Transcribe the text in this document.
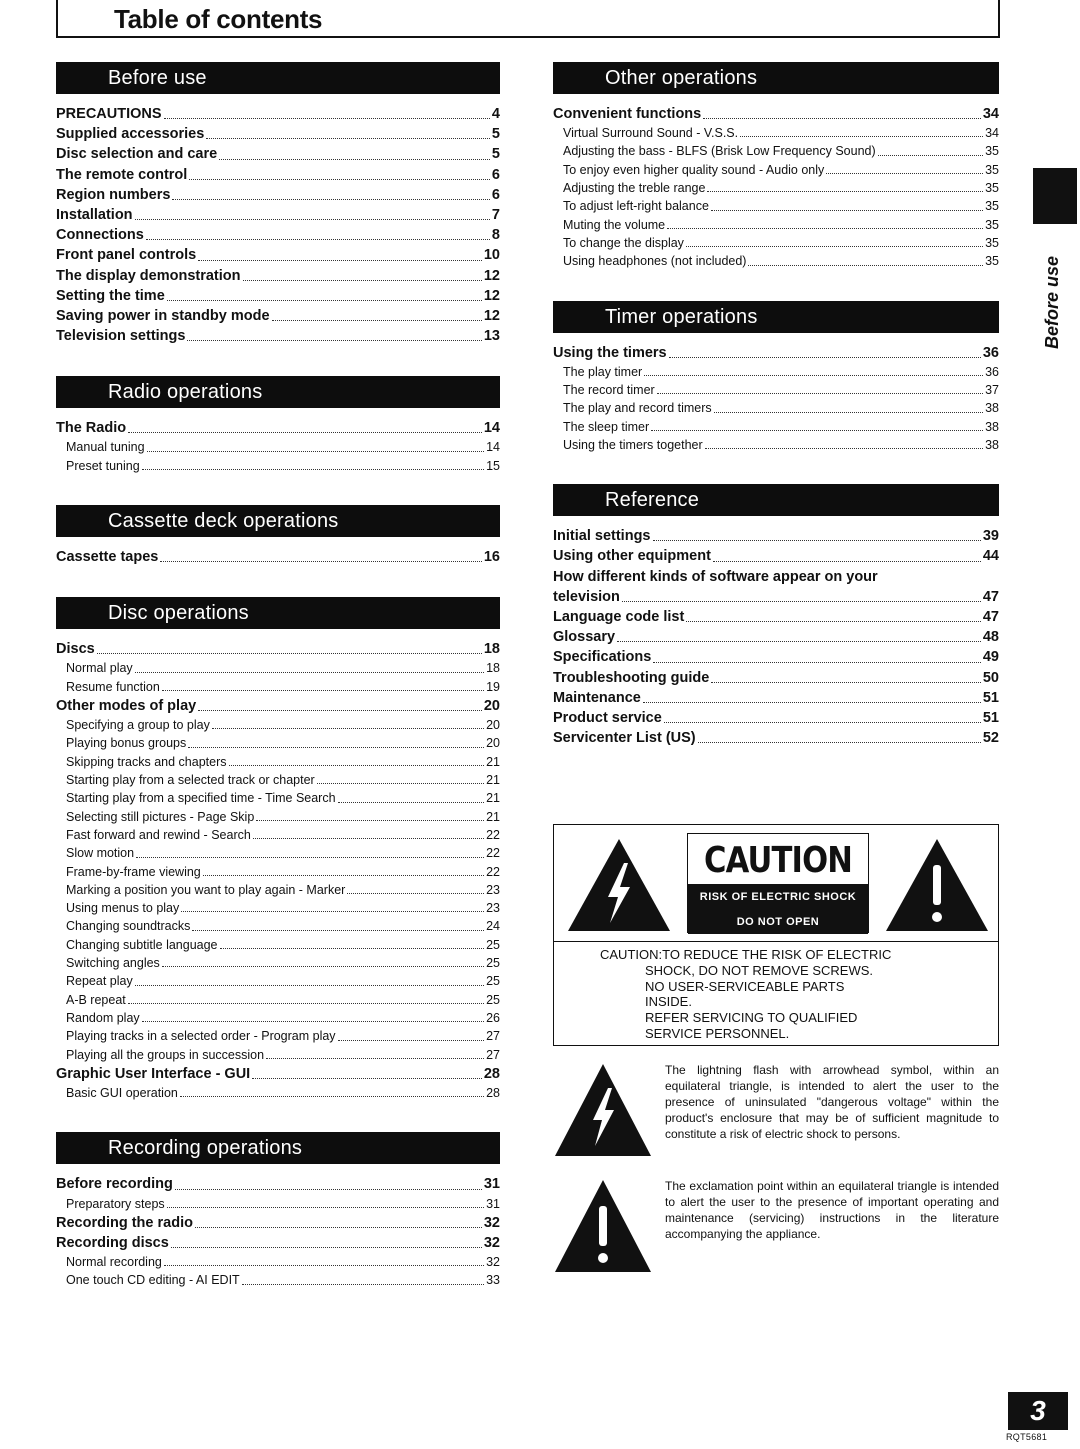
Table of contents
Before use
PRECAUTIONS	4
Supplied accessories	5
Disc selection and care	5
The remote control	6
Region numbers	6
Installation	7
Connections	8
Front panel controls	10
The display demonstration	12
Setting the time	12
Saving power in standby mode	12
Television settings	13
Radio operations
The Radio	14
Manual tuning	14
Preset tuning	15
Cassette deck operations
Cassette tapes	16
Disc operations
Discs	18
Normal play	18
Resume function	19
Other modes of play	20
Specifying a group to play	20
Playing bonus groups	20
Skipping tracks and chapters	21
Starting play from a selected track or chapter	21
Starting play from a specified time - Time Search	21
Selecting still pictures - Page Skip	21
Fast forward and rewind - Search	22
Slow motion	22
Frame-by-frame viewing	22
Marking a position you want to play again - Marker	23
Using menus to play	23
Changing soundtracks	24
Changing subtitle language	25
Switching angles	25
Repeat play	25
A-B repeat	25
Random play	26
Playing tracks in a selected order - Program play	27
Playing all the groups in succession	27
Graphic User Interface - GUI	28
Basic GUI operation	28
Recording operations
Before recording	31
Preparatory steps	31
Recording the radio	32
Recording discs	32
Normal recording	32
One touch CD editing - AI EDIT	33
Other operations
Convenient functions	34
Virtual Surround Sound - V.S.S.	34
Adjusting the bass - BLFS (Brisk Low Frequency Sound)	35
To enjoy even higher quality sound - Audio only	35
Adjusting the treble range	35
To adjust left-right balance	35
Muting the volume	35
To change the display	35
Using headphones (not included)	35
Timer operations
Using the timers	36
The play timer	36
The record timer	37
The play and record timers	38
The sleep timer	38
Using the timers together	38
Reference
Initial settings	39
Using other equipment	44
How different kinds of software appear on your
television	47
Language code list	47
Glossary	48
Specifications	49
Troubleshooting guide	50
Maintenance	51
Product service	51
Servicenter List (US)	52
CAUTION
RISK OF ELECTRIC SHOCK
DO NOT OPEN
CAUTION:TO REDUCE THE RISK OF ELECTRIC
SHOCK, DO NOT REMOVE SCREWS.
NO USER-SERVICEABLE PARTS
INSIDE.
REFER SERVICING TO QUALIFIED
SERVICE PERSONNEL.

The lightning flash with arrowhead symbol, within an equilateral triangle, is intended to alert the user to the presence of uninsulated "dangerous voltage" within the product's enclosure that may be of sufficient magnitude to constitute a risk of electric shock to persons.

The exclamation point within an equilateral triangle is intended to alert the user to the presence of important operating and maintenance (servicing) instructions in the literature accompanying the appliance.

Before use
3
RQT5681
